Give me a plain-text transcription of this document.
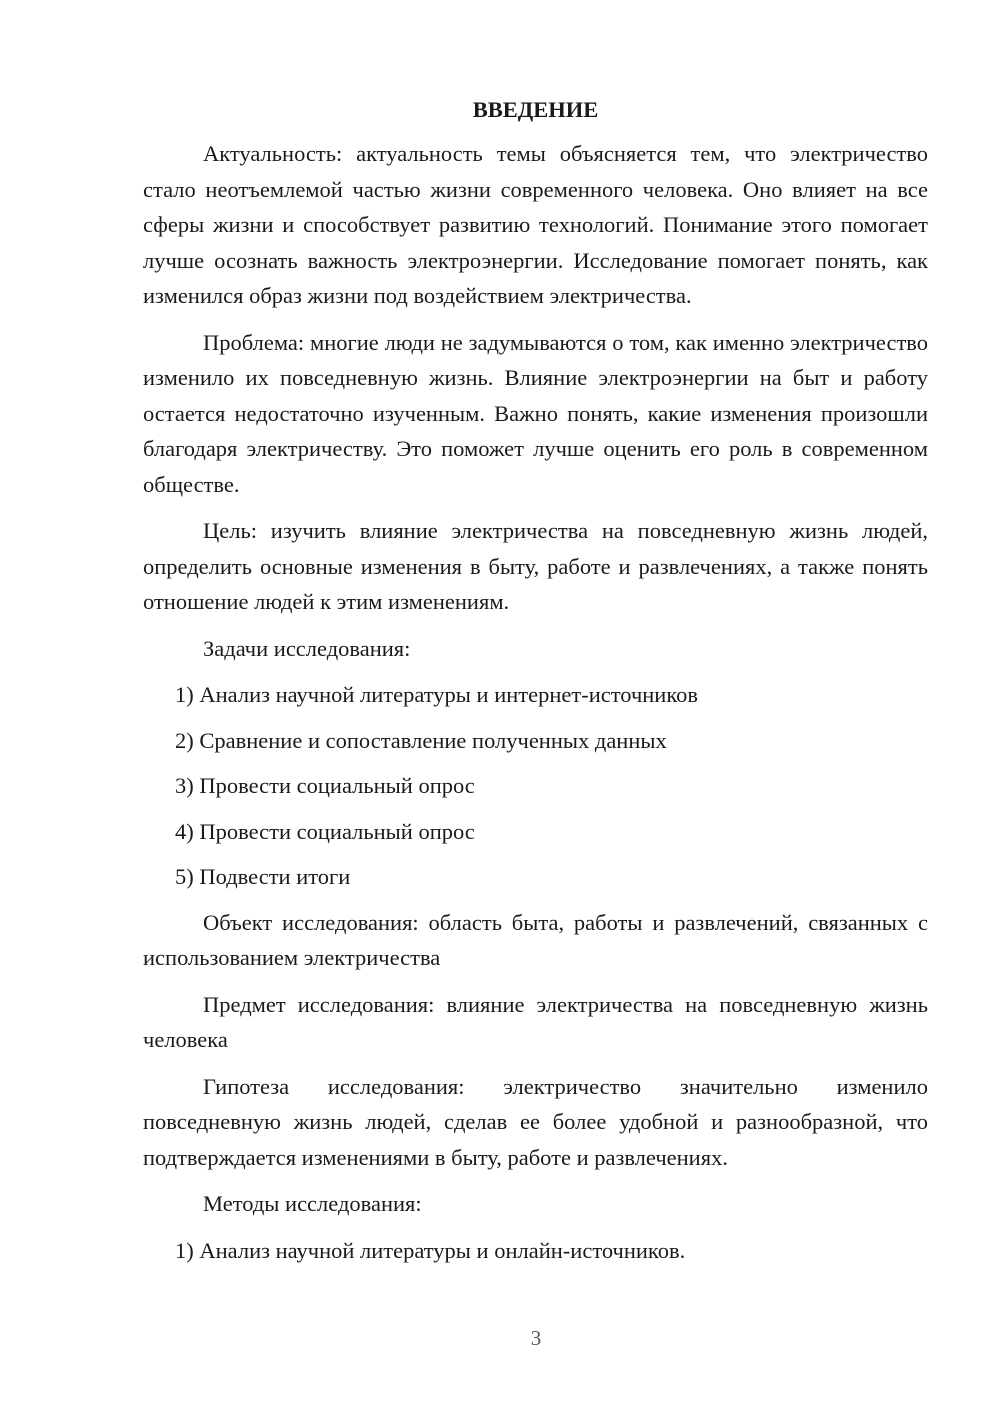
ВВЕДЕНИЕ

Актуальность: актуальность темы объясняется тем, что электричество стало неотъемлемой частью жизни современного человека. Оно влияет на все сферы жизни и способствует развитию технологий. Понимание этого помогает лучше осознать важность электроэнергии. Исследование помогает понять, как изменился образ жизни под воздействием электричества.

Проблема: многие люди не задумываются о том, как именно электричество изменило их повседневную жизнь. Влияние электроэнергии на быт и работу остается недостаточно изученным. Важно понять, какие изменения произошли благодаря электричеству. Это поможет лучше оценить его роль в современном обществе.

Цель: изучить влияние электричества на повседневную жизнь людей, определить основные изменения в быту, работе и развлечениях, а также понять отношение людей к этим изменениям.

Задачи исследования:

1) Анализ научной литературы и интернет-источников

2) Сравнение и сопоставление полученных данных

3) Провести социальный опрос

4) Провести социальный опрос

5) Подвести итоги

Объект исследования: область быта, работы и развлечений, связанных с использованием электричества

Предмет исследования: влияние электричества на повседневную жизнь человека

Гипотеза исследования: электричество значительно изменило повседневную жизнь людей, сделав ее более удобной и разнообразной, что подтверждается изменениями в быту, работе и развлечениях.

Методы исследования:

1) Анализ научной литературы и онлайн-источников.

3
